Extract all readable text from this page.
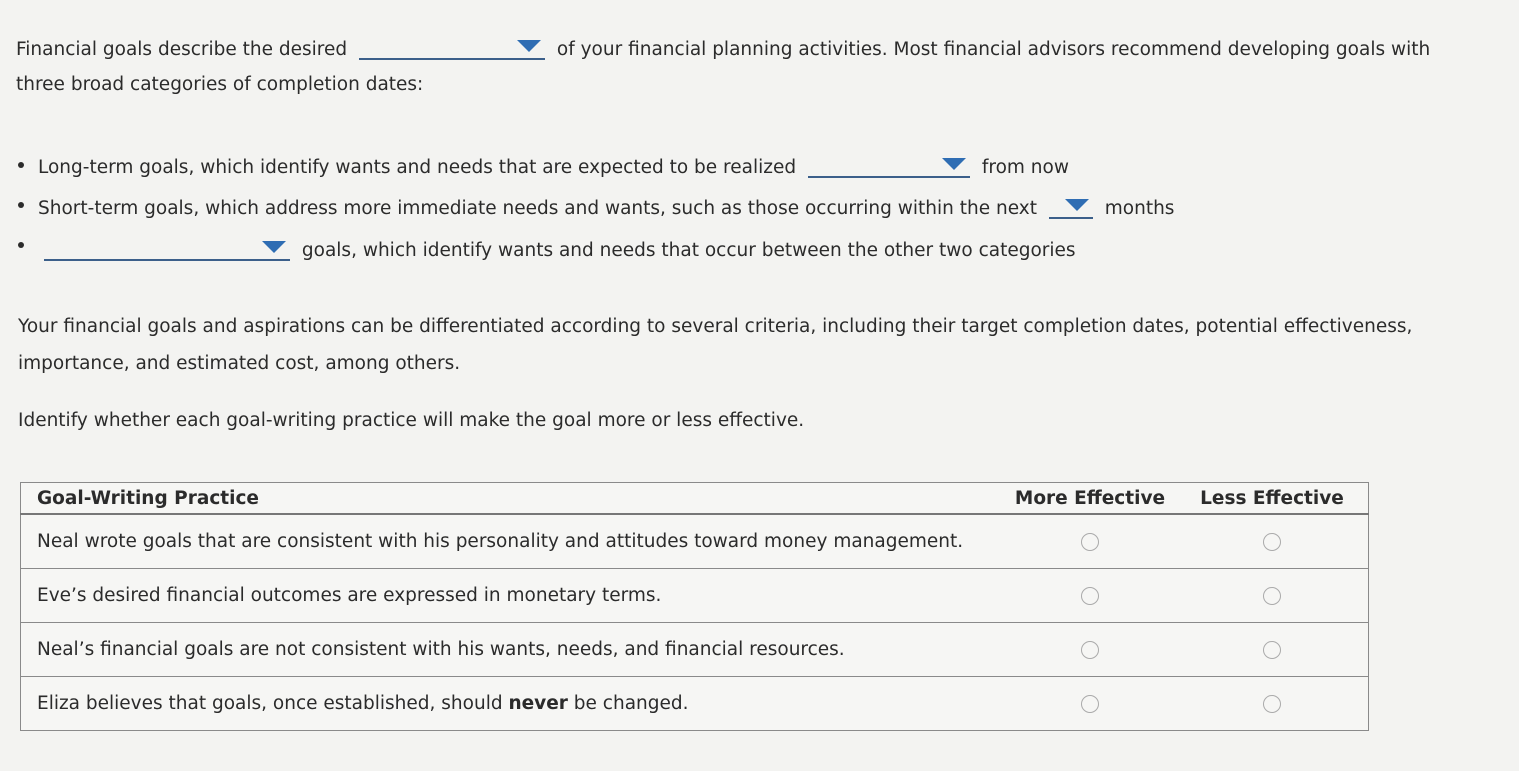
Financial goals describe the desired	of your financial planning activities. Most financial advisors recommend developing goals with
three broad categories of completion dates:
Long-term goals, which identify wants and needs that are expected to be realized	from now
Short-term goals, which address more immediate needs and wants, such as those occurring within the next	months
goals, which identify wants and needs that occur between the other two categories
Your financial goals and aspirations can be differentiated according to several criteria, including their target completion dates, potential effectiveness,
importance, and estimated cost, among others.
Identify whether each goal-writing practice will make the goal more or less effective.
Goal-Writing Practice	More Effective	Less Effective
Neal wrote goals that are consistent with his personality and attitudes toward money management.		
Eve’s desired financial outcomes are expressed in monetary terms.		
Neal’s financial goals are not consistent with his wants, needs, and financial resources.		
Eliza believes that goals, once established, should never be changed.		
